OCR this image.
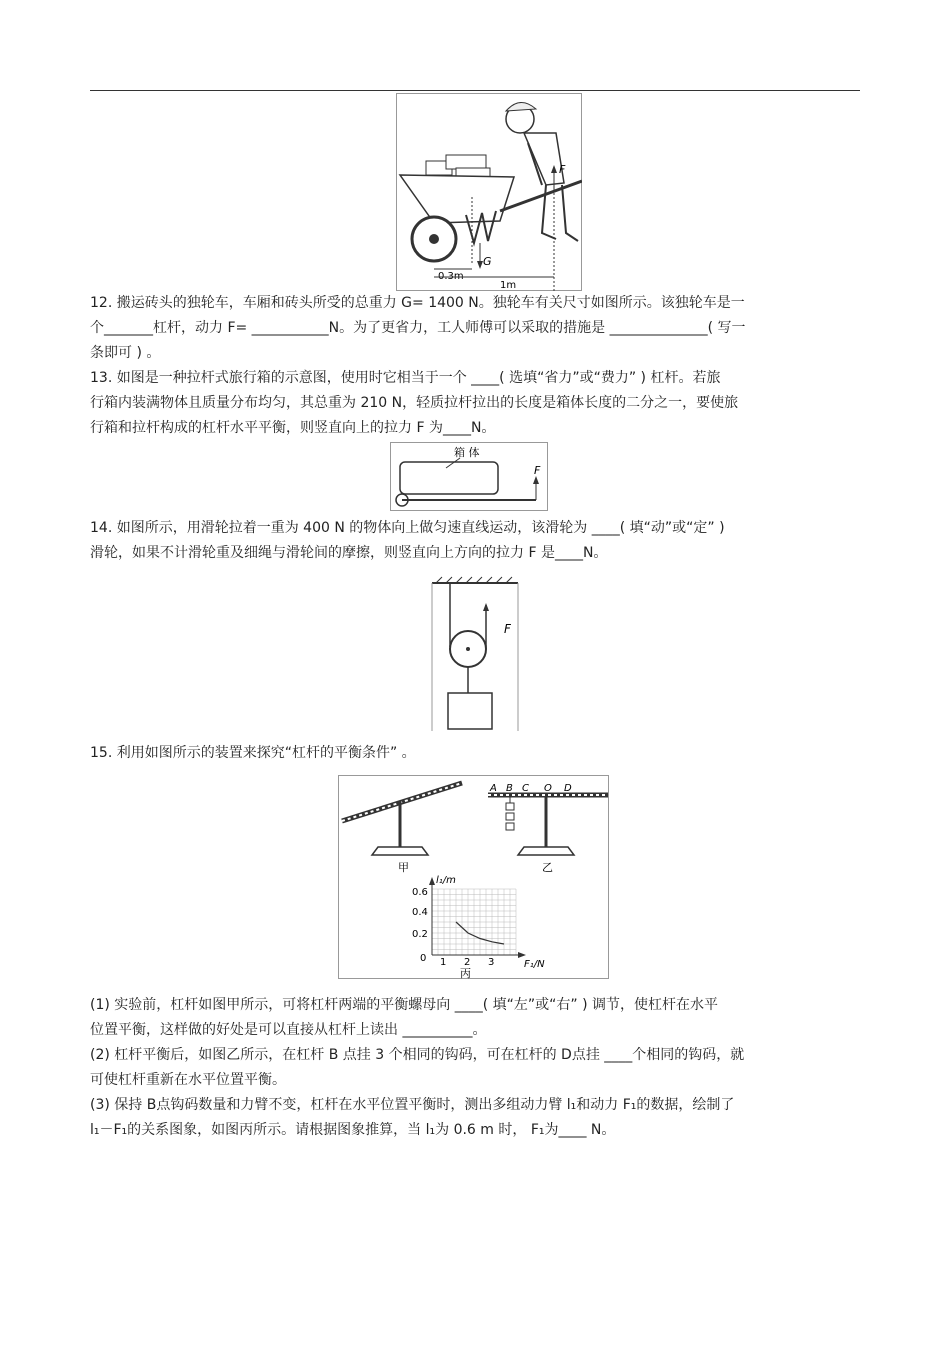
F
G
0.3m
1m
12. 搬运砖头的独轮车，车厢和砖头所受的总重力 G= 1400 N。独轮车有关尺寸如图所示。该独轮车是一
个_______杠杆，动力 F= ___________N。为了更省力，工人师傅可以采取的措施是 ______________( 写一
条即可 ) 。
13. 如图是一种拉杆式旅行箱的示意图，使用时它相当于一个 ____( 选填“省力”或“费力” ) 杠杆。若旅
行箱内装满物体且质量分布均匀，其总重为 210 N，轻质拉杆拉出的长度是箱体长度的二分之一，要使旅
行箱和拉杆构成的杠杆水平平衡，则竖直向上的拉力 F 为____N。
箱 体
F
14. 如图所示，用滑轮拉着一重为 400 N 的物体向上做匀速直线运动，该滑轮为 ____( 填“动”或“定” )
滑轮，如果不计滑轮重及细绳与滑轮间的摩擦，则竖直向上方向的拉力 F 是____N。
F
15. 利用如图所示的装置来探究“杠杆的平衡条件” 。
甲
A B C O D
乙
l₁/m
F₁/N
0.6
0.4
0.2
0 1 2 3
丙
(1) 实验前，杠杆如图甲所示，可将杠杆两端的平衡螺母向 ____( 填“左”或“右” ) 调节，使杠杆在水平
位置平衡，这样做的好处是可以直接从杠杆上读出 __________。
(2) 杠杆平衡后，如图乙所示，在杠杆 B 点挂 3 个相同的钩码，可在杠杆的 D点挂 ____个相同的钩码，就
可使杠杆重新在水平位置平衡。
(3) 保持 B点钩码数量和力臂不变，杠杆在水平位置平衡时，测出多组动力臂 l₁和动力 F₁的数据，绘制了
l₁－F₁的关系图象，如图丙所示。请根据图象推算，当 l₁为 0.6 m 时， F₁为____ N。
